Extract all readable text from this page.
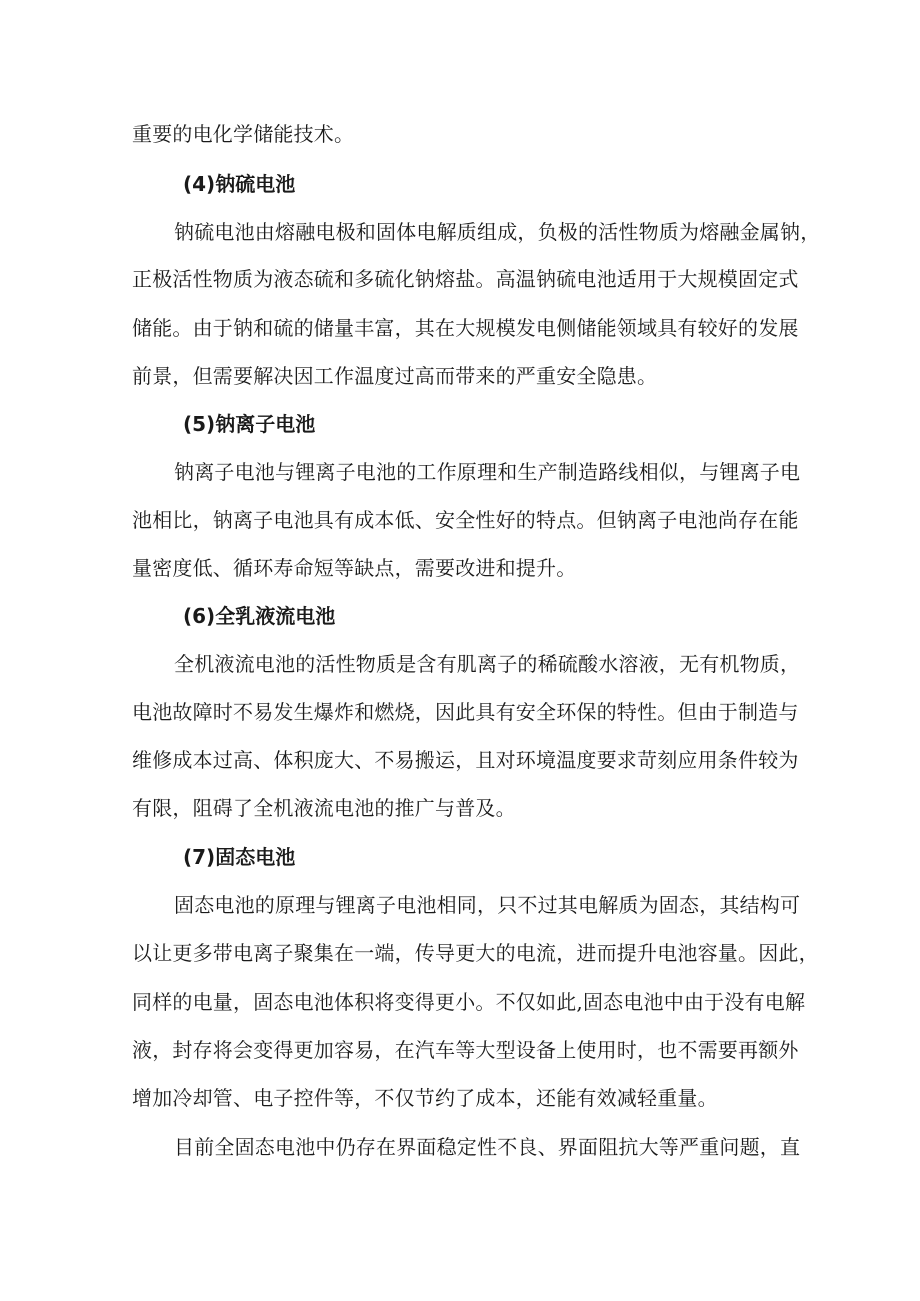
重要的电化学储能技术。
(4)钠硫电池
钠硫电池由熔融电极和固体电解质组成，负极的活性物质为熔融金属钠，
正极活性物质为液态硫和多硫化钠熔盐。高温钠硫电池适用于大规模固定式
储能。由于钠和硫的储量丰富，其在大规模发电侧储能领域具有较好的发展
前景，但需要解决因工作温度过高而带来的严重安全隐患。
(5)钠离子电池
钠离子电池与锂离子电池的工作原理和生产制造路线相似，与锂离子电
池相比，钠离子电池具有成本低、安全性好的特点。但钠离子电池尚存在能
量密度低、循环寿命短等缺点，需要改进和提升。
(6)全乳液流电池
全机液流电池的活性物质是含有肌离子的稀硫酸水溶液，无有机物质，
电池故障时不易发生爆炸和燃烧，因此具有安全环保的特性。但由于制造与
维修成本过高、体积庞大、不易搬运，且对环境温度要求苛刻应用条件较为
有限，阻碍了全机液流电池的推广与普及。
(7)固态电池
固态电池的原理与锂离子电池相同，只不过其电解质为固态，其结构可
以让更多带电离子聚集在一端，传导更大的电流，进而提升电池容量。因此，
同样的电量，固态电池体积将变得更小。不仅如此,固态电池中由于没有电解
液，封存将会变得更加容易，在汽车等大型设备上使用时，也不需要再额外
增加冷却管、电子控件等，不仅节约了成本，还能有效减轻重量。
目前全固态电池中仍存在界面稳定性不良、界面阻抗大等严重问题，直
